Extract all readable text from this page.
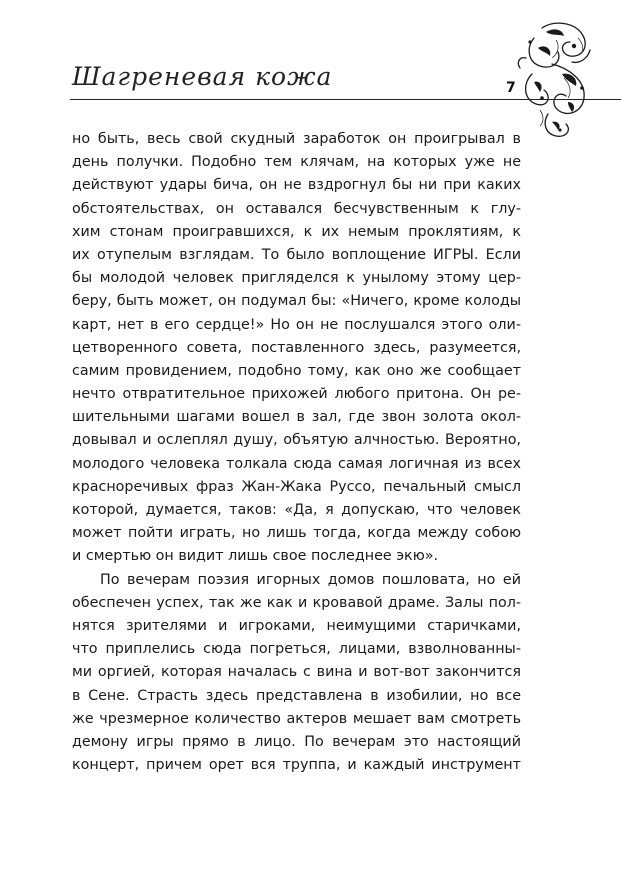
Шагреневая кожа	7
но быть, весь свой скудный заработок он проигрывал в
день получки. Подобно тем клячам, на которых уже не
действуют удары бича, он не вздрогнул бы ни при каких
обстоятельствах, он оставался бесчувственным к глу-
хим стонам проигравшихся, к их немым проклятиям, к
их отупелым взглядам. То было воплощение ИГРЫ. Если
бы молодой человек пригляделся к унылому этому цер-
беру, быть может, он подумал бы: «Ничего, кроме колоды
карт, нет в его сердце!» Но он не послушался этого оли-
цетворенного совета, поставленного здесь, разумеется,
самим провидением, подобно тому, как оно же сообщает
нечто отвратительное прихожей любого притона. Он ре-
шительными шагами вошел в зал, где звон золота окол-
довывал и ослеплял душу, объятую алчностью. Вероятно,
молодого человека толкала сюда самая логичная из всех
красноречивых фраз Жан-Жака Руссо, печальный смысл
которой, думается, таков: «Да, я допускаю, что человек
может пойти играть, но лишь тогда, когда между собою
и смертью он видит лишь свое последнее экю».
По вечерам поэзия игорных домов пошловата, но ей
обеспечен успех, так же как и кровавой драме. Залы пол-
нятся зрителями и игроками, неимущими старичками,
что приплелись сюда погреться, лицами, взволнованны-
ми оргией, которая началась с вина и вот-вот закончится
в Сене. Страсть здесь представлена в изобилии, но все
же чрезмерное количество актеров мешает вам смотреть
демону игры прямо в лицо. По вечерам это настоящий
концерт, причем орет вся труппа, и каждый инструмент
